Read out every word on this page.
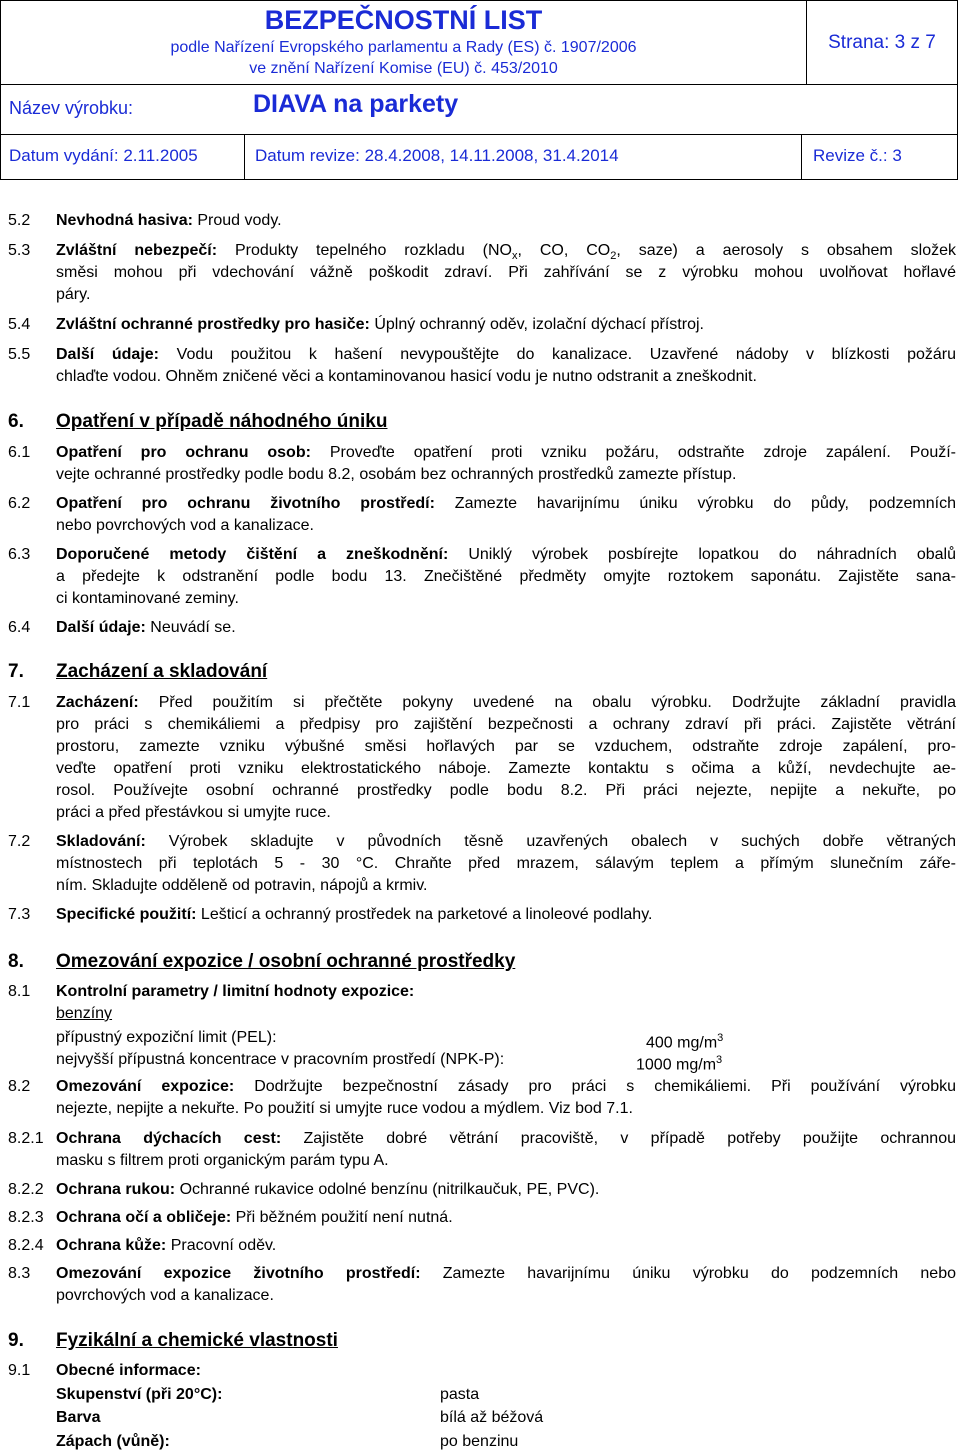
BEZPEČNOSTNÍ LIST
podle Nařízení Evropského parlamentu a Rady (ES) č. 1907/2006
ve znění Nařízení Komise (EU) č. 453/2010
Strana: 3 z 7
Název výrobku:	DIAVA na parkety
Datum vydání: 2.11.2005	Datum revize: 28.4.2008, 14.11.2008, 31.4.2014	Revize č.: 3
5.2 Nevhodná hasiva: Proud vody.
5.3 Zvláštní nebezpečí: Produkty tepelného rozkladu ($NO_x$, CO, $CO_2$, saze) a aerosoly s obsahem složek
směsi mohou při vdechování vážně poškodit zdraví. Při zahřívání se z výrobku mohou uvolňovat hořlavé
páry.
5.4 Zvláštní ochranné prostředky pro hasiče: Úplný ochranný oděv, izolační dýchací přístroj.
5.5 Další údaje: Vodu použitou k hašení nevypouštějte do kanalizace. Uzavřené nádoby v blízkosti požáru
chlaďte vodou. Ohněm zničené věci a kontaminovanou hasicí vodu je nutno odstranit a zneškodnit.
6. Opatření v případě náhodného úniku
6.1 Opatření pro ochranu osob: Proveďte opatření proti vzniku požáru, odstraňte zdroje zapálení. Použí-
vejte ochranné prostředky podle bodu 8.2, osobám bez ochranných prostředků zamezte přístup.
6.2 Opatření pro ochranu životního prostředí: Zamezte havarijnímu úniku výrobku do půdy, podzemních
nebo povrchových vod a kanalizace.
6.3 Doporučené metody čištění a zneškodnění: Uniklý výrobek posbírejte lopatkou do náhradních obalů
a předejte k odstranění podle bodu 13. Znečištěné předměty omyjte roztokem saponátu. Zajistěte sana-
ci kontaminované zeminy.
6.4 Další údaje: Neuvádí se.
7. Zacházení a skladování
7.1 Zacházení: Před použitím si přečtěte pokyny uvedené na obalu výrobku. Dodržujte základní pravidla
pro práci s chemikáliemi a předpisy pro zajištění bezpečnosti a ochrany zdraví při práci. Zajistěte větrání
prostoru, zamezte vzniku výbušné směsi hořlavých par se vzduchem, odstraňte zdroje zapálení, pro-
veďte opatření proti vzniku elektrostatického náboje. Zamezte kontaktu s očima a kůží, nevdechujte ae-
rosol. Používejte osobní ochranné prostředky podle bodu 8.2. Při práci nejezte, nepijte a nekuřte, po
práci a před přestávkou si umyjte ruce.
7.2 Skladování: Výrobek skladujte v původních těsně uzavřených obalech v suchých dobře větraných
místnostech při teplotách 5 - 30 °C. Chraňte před mrazem, sálavým teplem a přímým slunečním záře-
ním. Skladujte odděleně od potravin, nápojů a krmiv.
7.3 Specifické použití: Lešticí a ochranný prostředek na parketové a linoleové podlahy.
8. Omezování expozice / osobní ochranné prostředky
8.1 Kontrolní parametry / limitní hodnoty expozice:
benzíny
přípustný expoziční limit (PEL):	400 $mg/m^3$
nejvyšší přípustná koncentrace v pracovním prostředí (NPK-P):	1000 $mg/m^3$
8.2 Omezování expozice: Dodržujte bezpečnostní zásady pro práci s chemikáliemi. Při používání výrobku
nejezte, nepijte a nekuřte. Po použití si umyjte ruce vodou a mýdlem. Viz bod 7.1.
8.2.1 Ochrana dýchacích cest: Zajistěte dobré větrání pracoviště, v případě potřeby použijte ochrannou
masku s filtrem proti organickým parám typu A.
8.2.2 Ochrana rukou: Ochranné rukavice odolné benzínu (nitrilkaučuk, PE, PVC).
8.2.3 Ochrana očí a obličeje: Při běžném použití není nutná.
8.2.4 Ochrana kůže: Pracovní oděv.
8.3 Omezování expozice životního prostředí: Zamezte havarijnímu úniku výrobku do podzemních nebo
povrchových vod a kanalizace.
9. Fyzikální a chemické vlastnosti
9.1 Obecné informace:
Skupenství (při 20°C):	pasta
Barva	bílá až béžová
Zápach (vůně):	po benzinu
